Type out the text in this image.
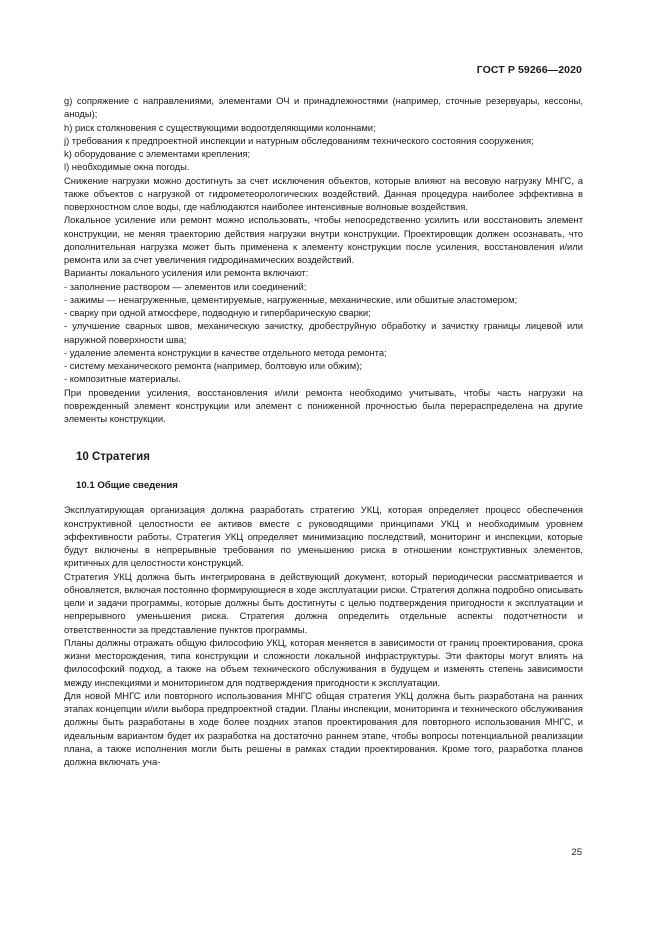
ГОСТ Р 59266—2020

g) сопряжение с направлениями, элементами ОЧ и принадлежностями (например, сточные резервуары, кессоны, аноды);

h) риск столкновения с существующими водоотделяющими колоннами;

j) требования к предпроектной инспекции и натурным обследованиям технического состояния сооружения;

k) оборудование с элементами крепления;

l) необходимые окна погоды.

Снижение нагрузки можно достигнуть за счет исключения объектов, которые влияют на весовую нагрузку МНГС, а также объектов с нагрузкой от гидрометеорологических воздействий. Данная процедура наиболее эффективна в поверхностном слое воды, где наблюдаются наиболее интенсивные волновые воздействия.

Локальное усиление или ремонт можно использовать, чтобы непосредственно усилить или восстановить элемент конструкции, не меняя траекторию действия нагрузки внутри конструкции. Проектировщик должен осознавать, что дополнительная нагрузка может быть применена к элементу конструкции после усиления, восстановления и/или ремонта или за счет увеличения гидродинамических воздействий.

Варианты локального усиления или ремонта включают:

- заполнение раствором — элементов или соединений;

- зажимы — ненагруженные, цементируемые, нагруженные, механические, или обшитые эластомером;

- сварку при одной атмосфере, подводную и гипербарическую сварки;

- улучшение сварных швов, механическую зачистку, дробеструйную обработку и зачистку границы лицевой или наружной поверхности шва;

- удаление элемента конструкции в качестве отдельного метода ремонта;

- систему механического ремонта (например, болтовую или обжим);

- композитные материалы.

При проведении усиления, восстановления и/или ремонта необходимо учитывать, чтобы часть нагрузки на поврежденный элемент конструкции или элемент с пониженной прочностью была перераспределена на другие элементы конструкции.

10 Стратегия
10.1 Общие сведения

Эксплуатирующая организация должна разработать стратегию УКЦ, которая определяет процесс обеспечения конструктивной целостности ее активов вместе с руководящими принципами УКЦ и необходимым уровнем эффективности работы. Стратегия УКЦ определяет минимизацию последствий, мониторинг и инспекции, которые будут включены в непрерывные требования по уменьшению риска в отношении конструктивных элементов, критичных для целостности конструкций.

Стратегия УКЦ должна быть интегрирована в действующий документ, который периодически рассматривается и обновляется, включая постоянно формирующиеся в ходе эксплуатации риски. Стратегия должна подробно описывать цели и задачи программы, которые должны быть достигнуты с целью подтверждения пригодности к эксплуатации и непрерывного уменьшения риска. Стратегия должна определить отдельные аспекты подотчетности и ответственности за представление пунктов программы.

Планы должны отражать общую философию УКЦ, которая меняется в зависимости от границ проектирования, срока жизни месторождения, типа конструкции и сложности локальной инфраструктуры. Эти факторы могут влиять на философский подход, а также на объем технического обслуживания в будущем и изменять степень зависимости между инспекциями и мониторингом для подтверждения пригодности к эксплуатации.

Для новой МНГС или повторного использования МНГС общая стратегия УКЦ должна быть разработана на ранних этапах концепции и/или выбора предпроектной стадии. Планы инспекции, мониторинга и технического обслуживания должны быть разработаны в ходе более поздних этапов проектирования для повторного использования МНГС, и идеальным вариантом будет их разработка на достаточно раннем этапе, чтобы вопросы потенциальной реализации плана, а также исполнения могли быть решены в рамках стадии проектирования. Кроме того, разработка планов должна включать уча-

25
